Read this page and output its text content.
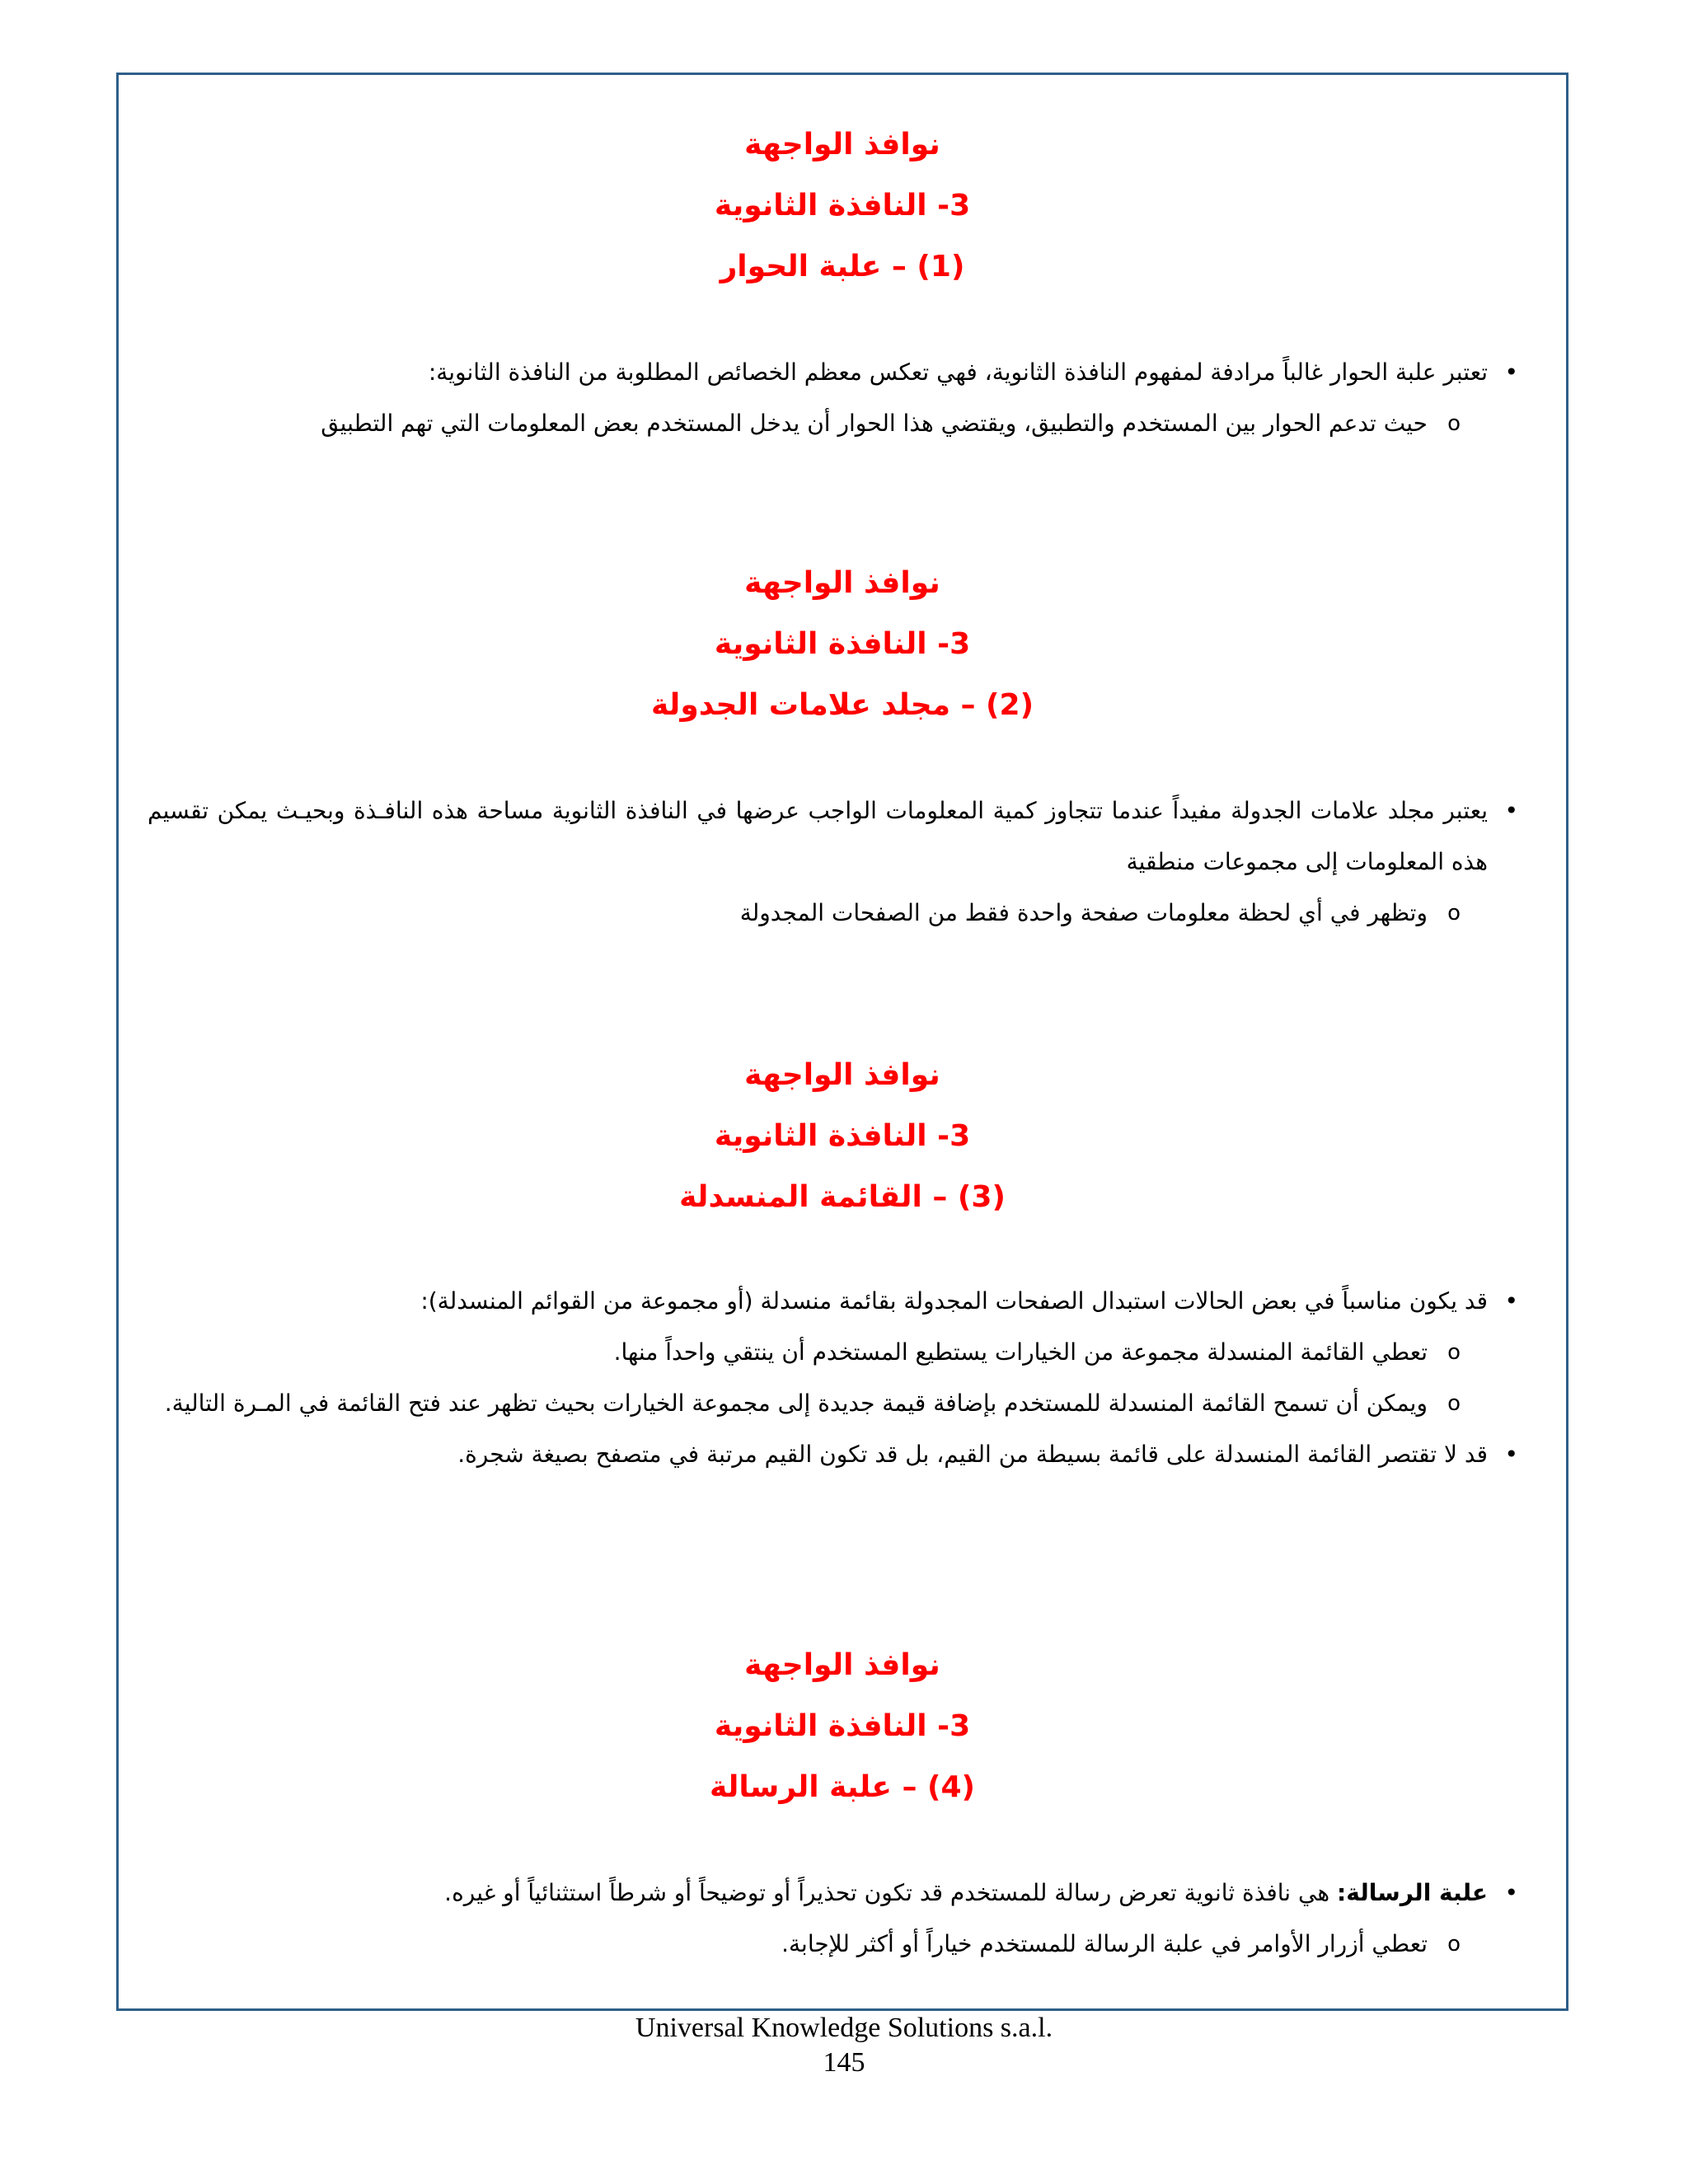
نوافذ الواجهة
3- النافذة الثانوية
(1) – علبة الحوار
•
تعتبر علبة الحوار غالباً مرادفة لمفهوم النافذة الثانوية، فهي تعكس معظم الخصائص المطلوبة من النافذة الثانوية:
o
حيث تدعم الحوار بين المستخدم والتطبيق، ويقتضي هذا الحوار أن يدخل المستخدم بعض المعلومات التي تهم التطبيق
نوافذ الواجهة
3- النافذة الثانوية
(2) – مجلد علامات الجدولة
•
يعتبر مجلد علامات الجدولة مفيداً عندما تتجاوز كمية المعلومات الواجب عرضها في النافذة الثانوية مساحة هذه النافـذة وبحيـث يمكن تقسيم هذه المعلومات إلى مجموعات منطقية
o
وتظهر في أي لحظة معلومات صفحة واحدة فقط من الصفحات المجدولة
نوافذ الواجهة
3- النافذة الثانوية
(3) – القائمة المنسدلة
•
قد يكون مناسباً في بعض الحالات استبدال الصفحات المجدولة بقائمة منسدلة (أو مجموعة من القوائم المنسدلة):
o
تعطي القائمة المنسدلة مجموعة من الخيارات يستطيع المستخدم أن ينتقي واحداً منها.
o
ويمكن أن تسمح القائمة المنسدلة للمستخدم بإضافة قيمة جديدة إلى مجموعة الخيارات بحيث تظهر عند فتح القائمة في المـرة التالية.
•
قد لا تقتصر القائمة المنسدلة على قائمة بسيطة من القيم، بل قد تكون القيم مرتبة في متصفح بصيغة شجرة.
نوافذ الواجهة
3- النافذة الثانوية
(4) – علبة الرسالة
•
علبة الرسالة: هي نافذة ثانوية تعرض رسالة للمستخدم قد تكون تحذيراً أو توضيحاً أو شرطاً استثنائياً أو غيره.
o
تعطي أزرار الأوامر في علبة الرسالة للمستخدم خياراً أو أكثر للإجابة.
Universal Knowledge Solutions s.a.l.
145
